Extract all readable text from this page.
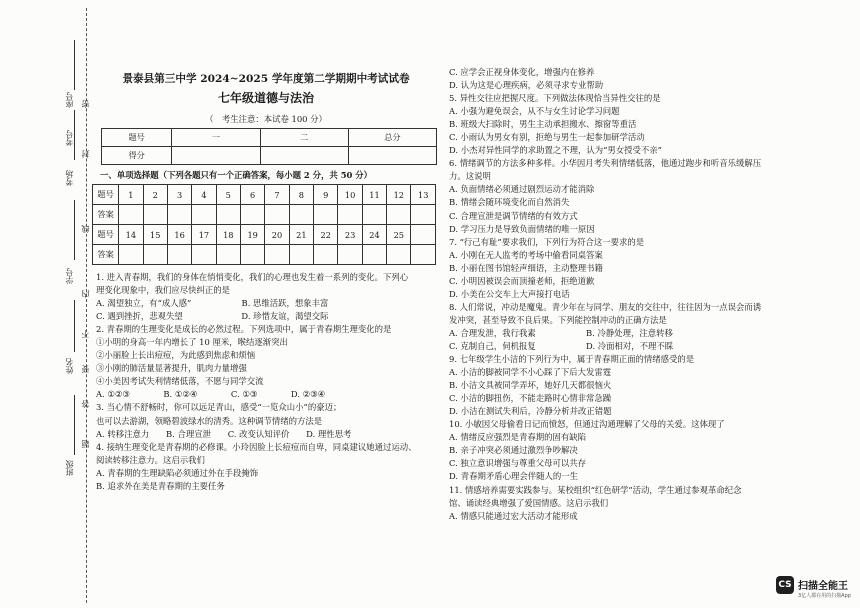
座号
考场
学号
姓名
班级
考号
密
封
线
内
不
要
答
题
景泰县第三中学 2024~2025 学年度第二学期期中考试试卷
七年级道德与法治
（　考生注意：本试卷 100 分）
题号	一	二	总分
得分			
一、单项选择题（下列各题只有一个正确答案，每小题 2 分，共 50 分）
题号	1	2	3	4	5	6	7	8	9	10	11	12	13
答案													
题号	14	15	16	17	18	19	20	21	22	23	24	25	
答案													
1. 进入青春期，我们的身体在悄悄变化，我们的心理也发生着一系列的变化。下列心
理变化现象中，我们应尽快纠正的是
A. 渴望独立，有“成人感”　　　　　　B. 思维活跃，想象丰富
C. 遇到挫折，悲观失望　　　　　　　D. 珍惜友谊，渴望交际
2. 青春期的生理变化是成长的必然过程。下列选项中，属于青春期生理变化的是
①小明的身高一年内增长了 10 厘米，喉结逐渐突出
②小丽脸上长出痘痘，为此感到焦虑和烦恼
③小刚的肺活量显著提升，肌肉力量增强
④小美因考试失利情绪低落，不愿与同学交流
A. ①②③　　　　B. ①②④　　　　C. ①③　　　　D. ②③④
3. 当心情不舒畅时，你可以远足青山，感受“一览众山小”的豪迈；
也可以去游湖，领略碧波绿水的清秀。这种调节情绪的方法是
A. 转移注意力　　B. 合理宣泄　　C. 改变认知评价　　D. 理性思考
4. 接纳生理变化是青春期的必修课。小玲因脸上长痘痘而自卑，同桌建议她通过运动、
阅读转移注意力。这启示我们
A. 青春期的生理缺陷必须通过外在手段掩饰
B. 追求外在美是青春期的主要任务
C. 应学会正视身体变化，增强内在修养
D. 认为这是心理疾病，必须寻求专业帮助
5. 异性交往应把握尺度。下列做法体现恰当异性交往的是
A. 小强为避免误会，从不与女生讨论学习问题
B. 班级大扫除时，男生主动承担搬水、擦窗等重活
C. 小雨认为男女有别，拒绝与男生一起参加研学活动
D. 小杰对异性同学的求助置之不理，认为“男女授受不亲”
6. 情绪调节的方法多种多样。小华因月考失利情绪低落，他通过跑步和听音乐缓解压
力。这说明
A. 负面情绪必须通过剧烈运动才能消除
B. 情绪会随环境变化而自然消失
C. 合理宣泄是调节情绪的有效方式
D. 学习压力是导致负面情绪的唯一原因
7. “行己有耻”要求我们，下列行为符合这一要求的是
A. 小刚在无人监考的考场中偷看同桌答案
B. 小丽在图书馆轻声细语，主动整理书籍
C. 小明因被误会而顶撞老师，拒绝道歉
D. 小美在公交车上大声接打电话
8. 人们常说，冲动是魔鬼。青少年在与同学、朋友的交往中，往往因为一点误会而诱
发冲突，甚至导致不良后果。下列能控制冲动的正确方法是
A. 合理发泄，我行我素　　　　　　B. 冷静处理，注意转移
C. 克制自己，伺机报复　　　　　　D. 冷面相对，不理不睬
9. 七年级学生小洁的下列行为中，属于青春期正面的情绪感受的是
A. 小洁的脚被同学不小心踩了下后大发雷霆
B. 小洁文具被同学弄坏，她好几天都很恼火
C. 小洁的脚扭伤，不能走路时心情非常急躁
D. 小洁在测试失利后，冷静分析并改正错题
10. 小敏因父母偷看日记而愤怒，但通过沟通理解了父母的关爱。这体现了
A. 情绪反应强烈是青春期的固有缺陷
B. 亲子冲突必须通过激烈争吵解决
C. 独立意识增强与尊重父母可以共存
D. 青春期矛盾心理会伴随人的一生
11. 情感培养需要实践参与。某校组织“红色研学”活动，学生通过参观革命纪念
馆、诵读经典增强了爱国情感。这启示我们
A. 情感只能通过宏大活动才能形成
CS 扫描全能王
3亿人都在用的扫描App
